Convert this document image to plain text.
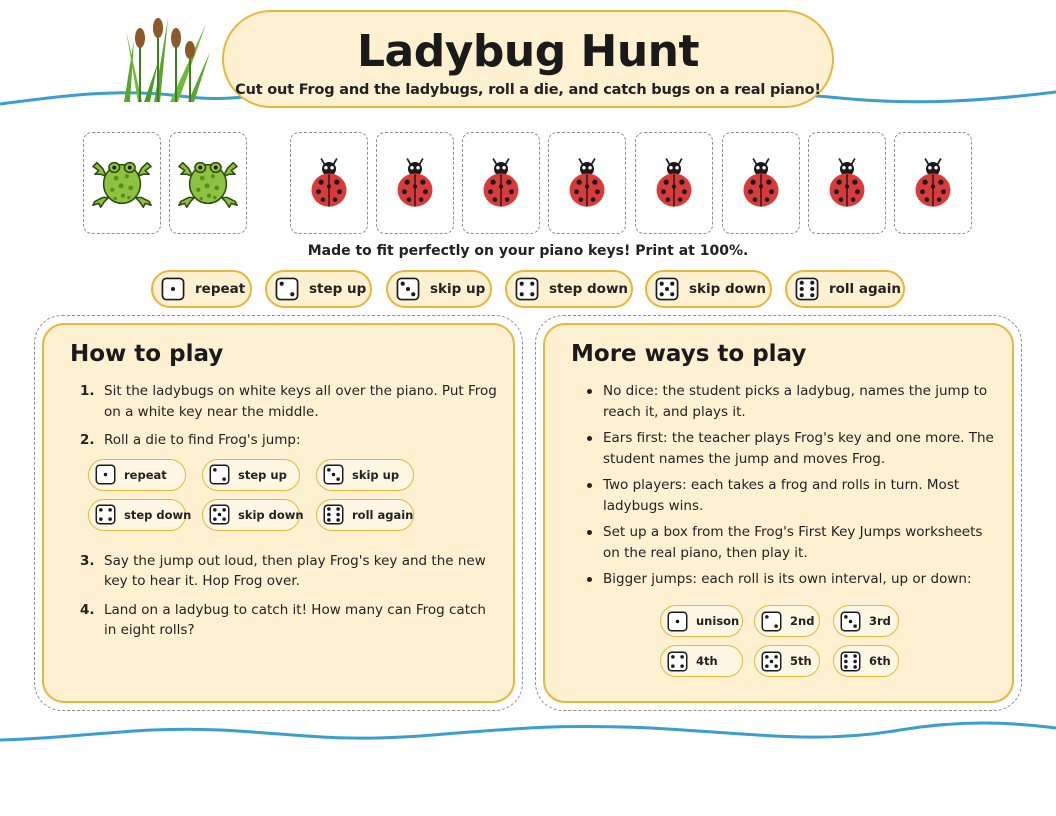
Ladybug Hunt
Cut out Frog and the ladybugs, roll a die, and catch bugs on a real piano!
Made to fit perfectly on your piano keys! Print at 100%.
repeat	step up	skip up	step down	skip down	roll again
How to play
1. Sit the ladybugs on white keys all over the piano. Put Frog on a white key near the middle.
2. Roll a die to find Frog's jump:
repeat	step up	skip up
step down	skip down	roll again
3. Say the jump out loud, then play Frog's key and the new key to hear it. Hop Frog over.
4. Land on a ladybug to catch it! How many can Frog catch in eight rolls?
More ways to play
No dice: the student picks a ladybug, names the jump to reach it, and plays it.
Ears first: the teacher plays Frog's key and one more. The student names the jump and moves Frog.
Two players: each takes a frog and rolls in turn. Most ladybugs wins.
Set up a box from the Frog's First Key Jumps worksheets on the real piano, then play it.
Bigger jumps: each roll is its own interval, up or down:
unison	2nd	3rd
4th	5th	6th
